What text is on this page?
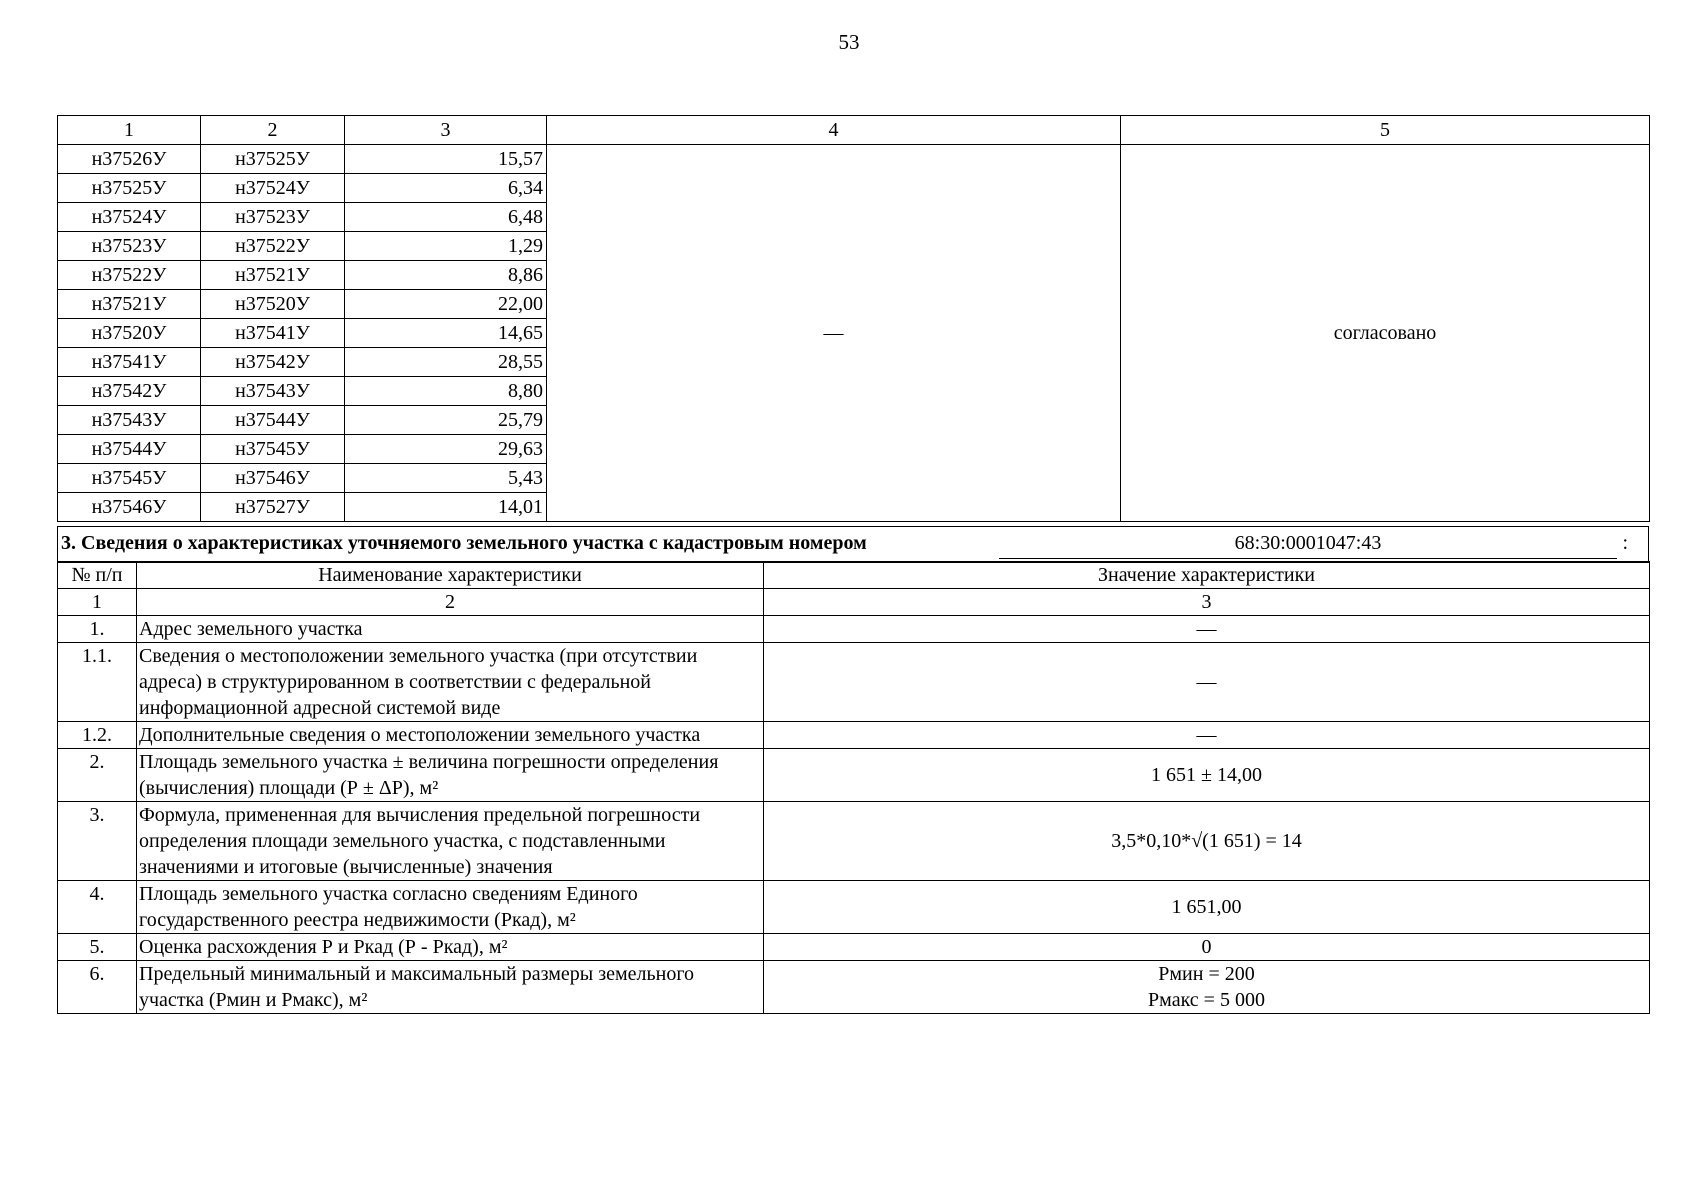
53
1	2	3	4	5
н37526У	н37525У	15,57	—	согласовано
н37525У	н37524У	6,34		
н37524У	н37523У	6,48		
н37523У	н37522У	1,29		
н37522У	н37521У	8,86		
н37521У	н37520У	22,00		
н37520У	н37541У	14,65		
н37541У	н37542У	28,55		
н37542У	н37543У	8,80		
н37543У	н37544У	25,79		
н37544У	н37545У	29,63		
н37545У	н37546У	5,43		
н37546У	н37527У	14,01		
3. Сведения о характеристиках уточняемого земельного участка с кадастровым номером	68:30:0001047:43	:
№ п/п	Наименование характеристики	Значение характеристики
1	2	3
1.	Адрес земельного участка	—

1.1.	Сведения о местоположении земельного участка (при отсутствии адреса) в структурированном в соответствии с федеральной информационной адресной системой виде	—

1.2.	Дополнительные сведения о местоположении земельного участка	—

2.	Площадь земельного участка ± величина погрешности определения (вычисления) площади (Р ± ΔР), м²	1 651 ± 14,00

3.	Формула, примененная для вычисления предельной погрешности определения площади земельного участка, с подставленными значениями и итоговые (вычисленные) значения	3,5*0,10*√(1 651) = 14

4.	Площадь земельного участка согласно сведениям Единого государственного реестра недвижимости (Ркад), м²	1 651,00

5.	Оценка расхождения Р и Ркад (Р - Ркад), м²	0

6.	Предельный минимальный и максимальный размеры земельного участка (Рмин и Рмакс), м²	Рмин = 200
Рмакс = 5 000
